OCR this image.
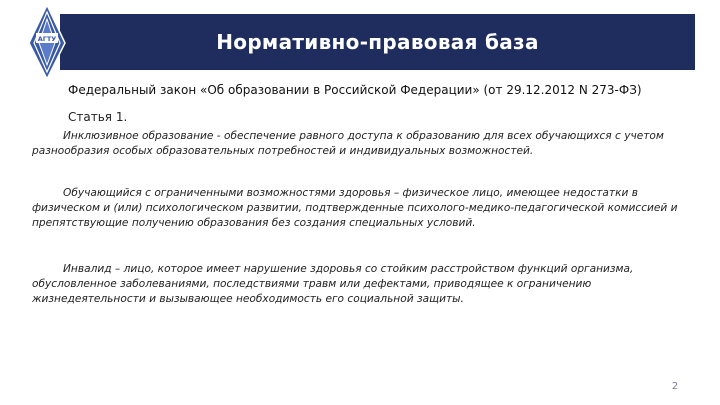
Нормативно-правовая база
АГТУ
Федеральный закон «Об образовании в Российской Федерации» (от 29.12.2012 N 273-ФЗ)
Статья 1.
Инклюзивное образование - обеспечение равного доступа к образованию для всех обучающихся с учетом разнообразия особых образовательных потребностей и индивидуальных возможностей.
Обучающийся с ограниченными возможностями здоровья – физическое лицо, имеющее недостатки в физическом и (или) психологическом развитии, подтвержденные психолого-медико-педагогической комиссией и препятствующие получению образования без создания специальных условий.
Инвалид – лицо, которое имеет нарушение здоровья со стойким расстройством функций организма, обусловленное заболеваниями, последствиями травм или дефектами, приводящее к ограничению жизнедеятельности и вызывающее необходимость его социальной защиты.
2
